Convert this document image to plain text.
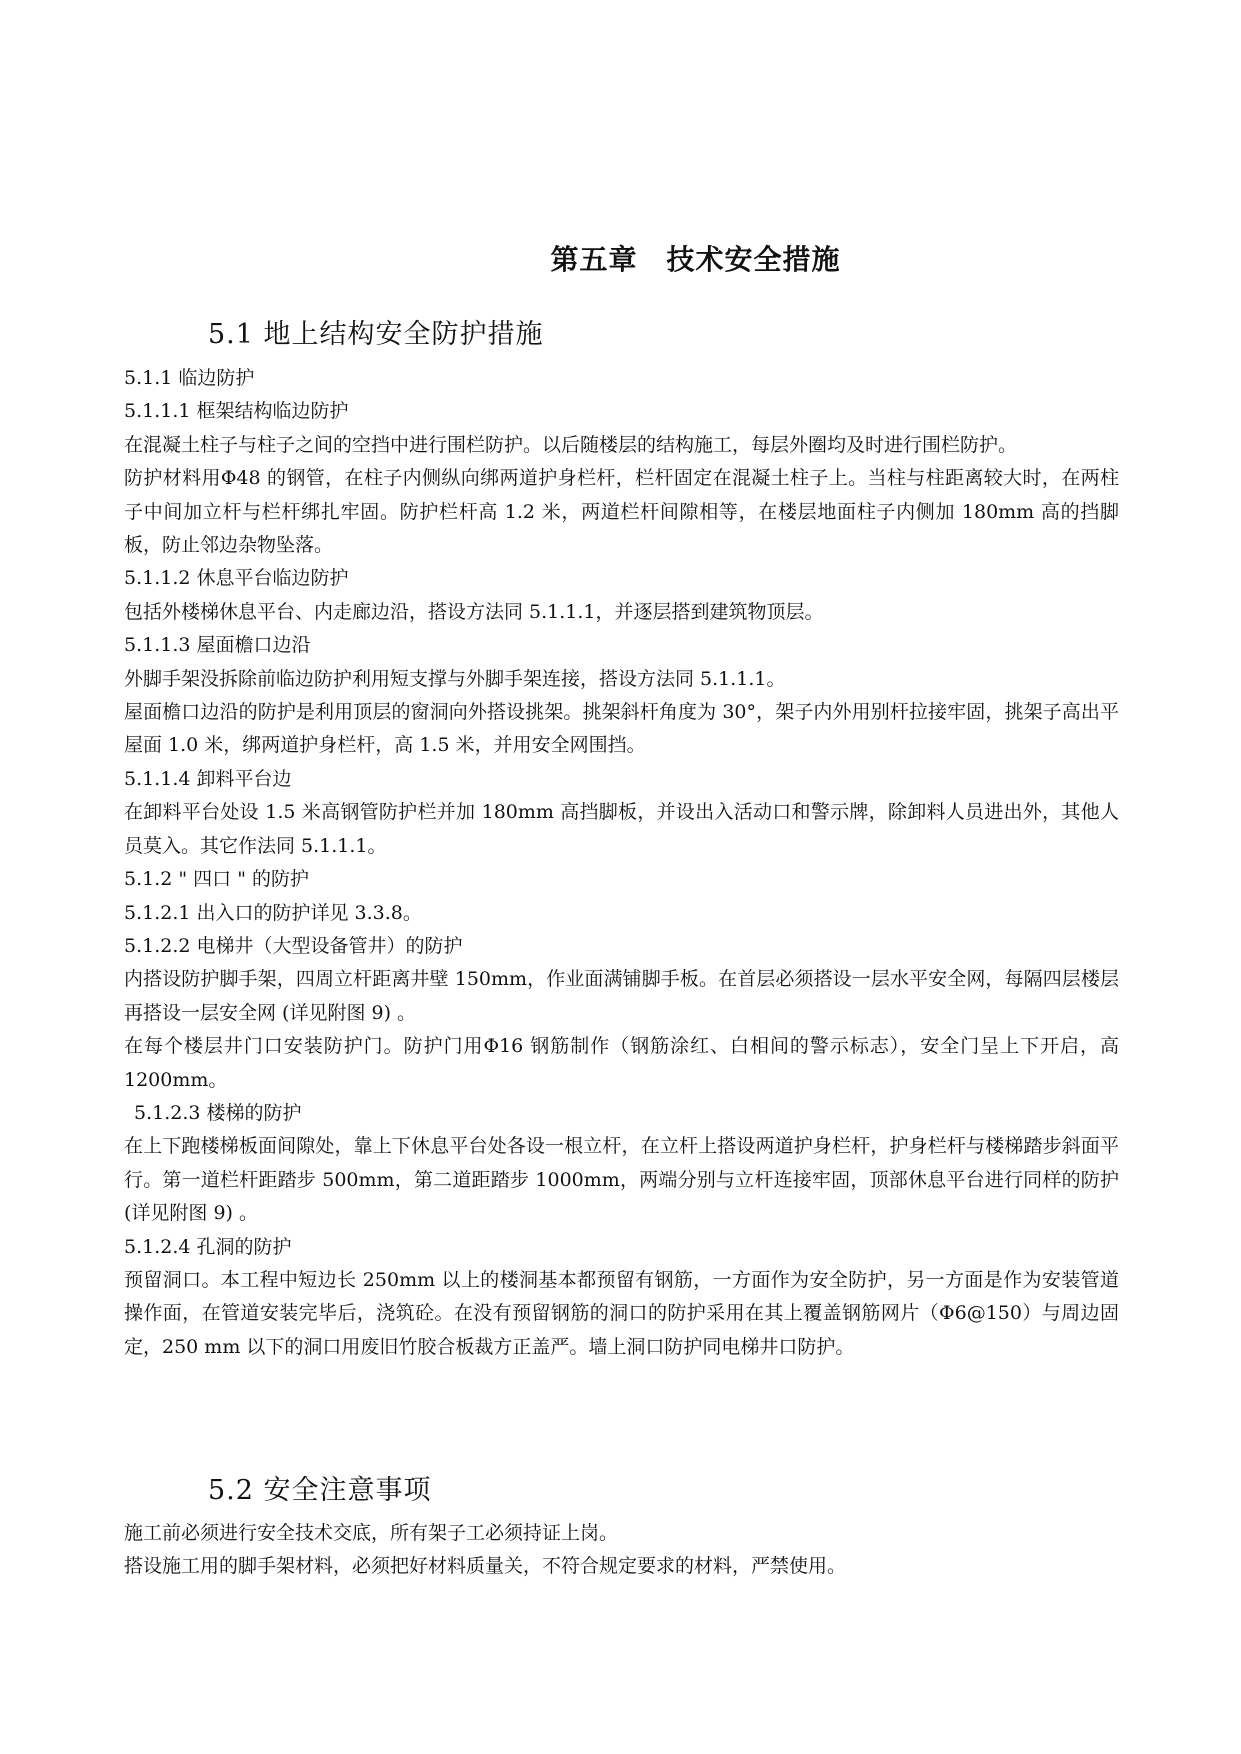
第五章　技术安全措施
5.1 地上结构安全防护措施
5.1.1 临边防护
5.1.1.1 框架结构临边防护
在混凝土柱子与柱子之间的空挡中进行围栏防护。以后随楼层的结构施工，每层外圈均及时进行围栏防护。
防护材料用Φ48 的钢管，在柱子内侧纵向绑两道护身栏杆，栏杆固定在混凝土柱子上。当柱与柱距离较大时，在两柱子中间加立杆与栏杆绑扎牢固。防护栏杆高 1.2 米，两道栏杆间隙相等，在楼层地面柱子内侧加 180mm 高的挡脚板，防止邻边杂物坠落。
5.1.1.2 休息平台临边防护
包括外楼梯休息平台、内走廊边沿，搭设方法同 5.1.1.1，并逐层搭到建筑物顶层。
5.1.1.3 屋面檐口边沿
外脚手架没拆除前临边防护利用短支撑与外脚手架连接，搭设方法同 5.1.1.1。
屋面檐口边沿的防护是利用顶层的窗洞向外搭设挑架。挑架斜杆角度为 30°，架子内外用别杆拉接牢固，挑架子高出平屋面 1.0 米，绑两道护身栏杆，高 1.5 米，并用安全网围挡。
5.1.1.4 卸料平台边
在卸料平台处设 1.5 米高钢管防护栏并加 180mm 高挡脚板，并设出入活动口和警示牌，除卸料人员进出外，其他人员莫入。其它作法同 5.1.1.1。
5.1.2 " 四口 " 的防护
5.1.2.1 出入口的防护详见 3.3.8。
5.1.2.2 电梯井（大型设备管井）的防护
内搭设防护脚手架，四周立杆距离井壁 150mm，作业面满铺脚手板。在首层必须搭设一层水平安全网，每隔四层楼层再搭设一层安全网 (详见附图 9) 。
在每个楼层井门口安装防护门。防护门用Φ16 钢筋制作（钢筋涂红、白相间的警示标志），安全门呈上下开启，高 1200mm。
5.1.2.3 楼梯的防护
在上下跑楼梯板面间隙处，靠上下休息平台处各设一根立杆，在立杆上搭设两道护身栏杆，护身栏杆与楼梯踏步斜面平行。第一道栏杆距踏步 500mm，第二道距踏步 1000mm，两端分别与立杆连接牢固，顶部休息平台进行同样的防护(详见附图 9) 。
5.1.2.4 孔洞的防护
预留洞口。本工程中短边长 250mm 以上的楼洞基本都预留有钢筋，一方面作为安全防护，另一方面是作为安装管道操作面，在管道安装完毕后，浇筑砼。在没有预留钢筋的洞口的防护采用在其上覆盖钢筋网片（Φ6@150）与周边固定，250 mm 以下的洞口用废旧竹胶合板裁方正盖严。墙上洞口防护同电梯井口防护。
5.2 安全注意事项
施工前必须进行安全技术交底，所有架子工必须持证上岗。
搭设施工用的脚手架材料，必须把好材料质量关，不符合规定要求的材料，严禁使用。
